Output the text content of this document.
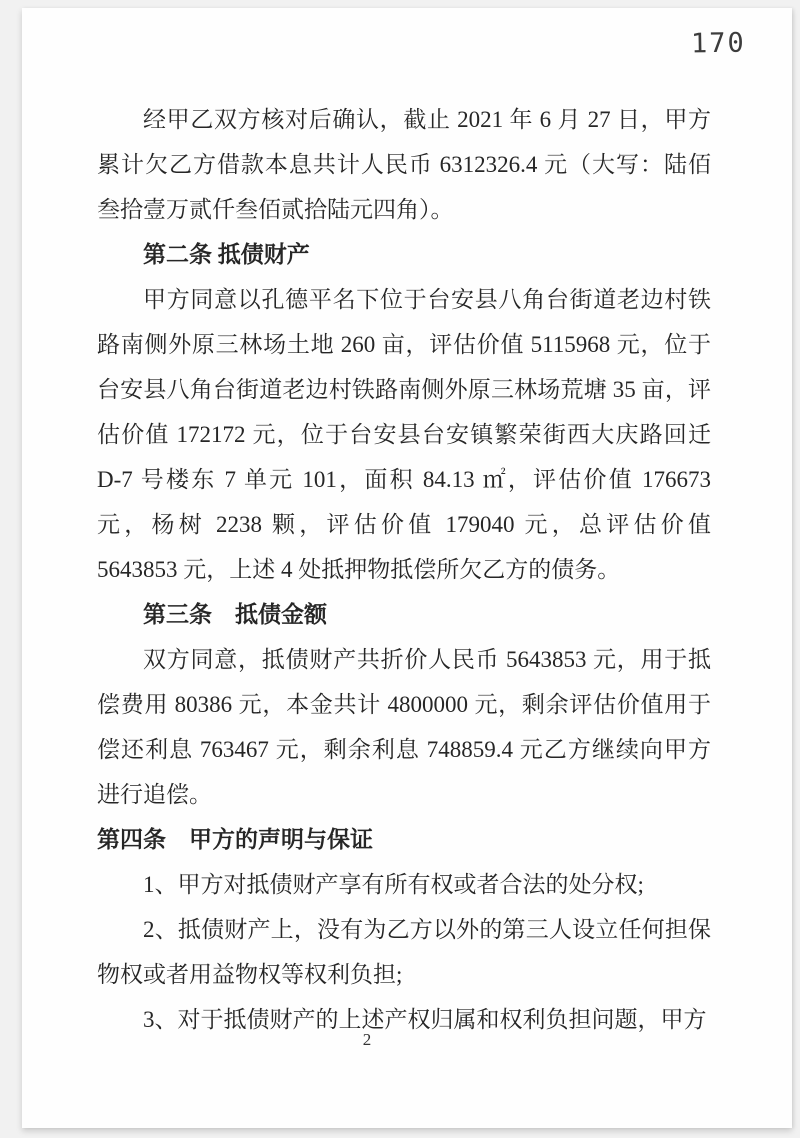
170

经甲乙双方核对后确认，截止 2021 年 6 月 27 日，甲方累计欠乙方借款本息共计人民币 6312326.4 元（大写：陆佰叁拾壹万贰仟叁佰贰拾陆元四角）。

第二条 抵债财产

甲方同意以孔德平名下位于台安县八角台街道老边村铁路南侧外原三林场土地 260 亩，评估价值 5115968 元，位于台安县八角台街道老边村铁路南侧外原三林场荒塘 35 亩，评估价值 172172 元，位于台安县台安镇繁荣街西大庆路回迁 D-7 号楼东 7 单元 101，面积 84.13 ㎡，评估价值 176673 元，杨树 2238 颗，评估价值 179040 元，总评估价值 5643853 元，上述 4 处抵押物抵偿所欠乙方的债务。

第三条　抵债金额

双方同意，抵债财产共折价人民币 5643853 元，用于抵偿费用 80386 元，本金共计 4800000 元，剩余评估价值用于偿还利息 763467 元，剩余利息 748859.4 元乙方继续向甲方进行追偿。

第四条　甲方的声明与保证

1、甲方对抵债财产享有所有权或者合法的处分权;

2、抵债财产上，没有为乙方以外的第三人设立任何担保物权或者用益物权等权利负担;

3、对于抵债财产的上述产权归属和权利负担问题，甲方

2
